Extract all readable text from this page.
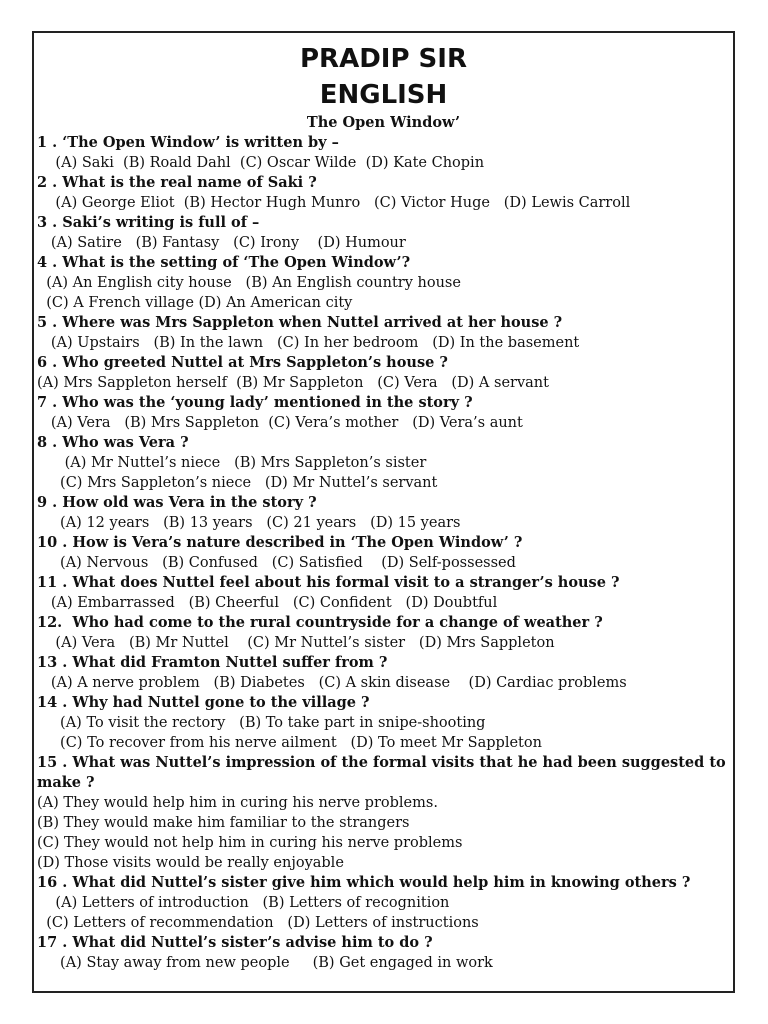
PRADIP SIR
ENGLISH
The Open Window’
1 . ‘The Open Window’ is written by –
(A) Saki  (B) Roald Dahl  (C) Oscar Wilde  (D) Kate Chopin
2 . What is the real name of Saki ?
(A) George Eliot  (B) Hector Hugh Munro   (C) Victor Huge   (D) Lewis Carroll
3 . Saki’s writing is full of –
(A) Satire   (B) Fantasy   (C) Irony    (D) Humour
4 . What is the setting of ‘The Open Window’?
(A) An English city house   (B) An English country house
(C) A French village (D) An American city
5 . Where was Mrs Sappleton when Nuttel arrived at her house ?
(A) Upstairs   (B) In the lawn   (C) In her bedroom   (D) In the basement
6 . Who greeted Nuttel at Mrs Sappleton’s house ?
(A) Mrs Sappleton herself  (B) Mr Sappleton   (C) Vera   (D) A servant
7 . Who was the ‘young lady’ mentioned in the story ?
(A) Vera   (B) Mrs Sappleton  (C) Vera’s mother   (D) Vera’s aunt
8 . Who was Vera ?
(A) Mr Nuttel’s niece   (B) Mrs Sappleton’s sister
(C) Mrs Sappleton’s niece   (D) Mr Nuttel’s servant
9 . How old was Vera in the story ?
(A) 12 years   (B) 13 years   (C) 21 years   (D) 15 years
10 . How is Vera’s nature described in ‘The Open Window’ ?
(A) Nervous   (B) Confused   (C) Satisfied    (D) Self-possessed
11 . What does Nuttel feel about his formal visit to a stranger’s house ?
(A) Embarrassed   (B) Cheerful   (C) Confident   (D) Doubtful
12.  Who had come to the rural countryside for a change of weather ?
(A) Vera   (B) Mr Nuttel    (C) Mr Nuttel’s sister   (D) Mrs Sappleton
13 . What did Framton Nuttel suffer from ?
(A) A nerve problem   (B) Diabetes   (C) A skin disease    (D) Cardiac problems
14 . Why had Nuttel gone to the village ?
(A) To visit the rectory   (B) To take part in snipe-shooting
(C) To recover from his nerve ailment   (D) To meet Mr Sappleton
15 . What was Nuttel’s impression of the formal visits that he had been suggested to make ?
(A) They would help him in curing his nerve problems.
(B) They would make him familiar to the strangers
(C) They would not help him in curing his nerve problems
(D) Those visits would be really enjoyable
16 . What did Nuttel’s sister give him which would help him in knowing others ?
(A) Letters of introduction   (B) Letters of recognition
(C) Letters of recommendation   (D) Letters of instructions
17 . What did Nuttel’s sister’s advise him to do ?
(A) Stay away from new people     (B) Get engaged in work
